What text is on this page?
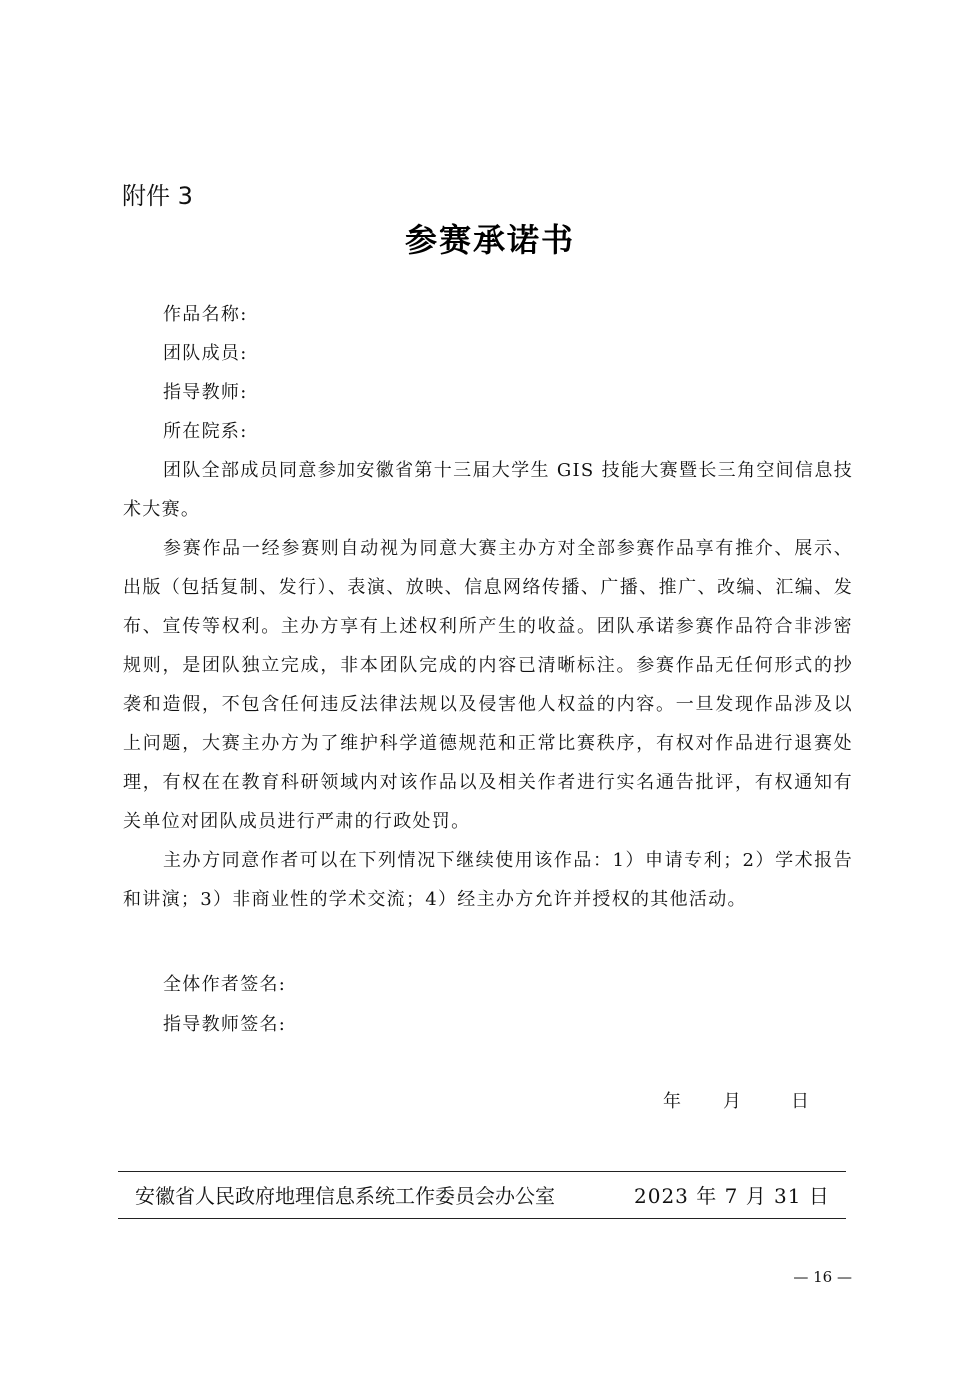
附件 3
参赛承诺书

作品名称:

团队成员:

指导教师:

所在院系:

团队全部成员同意参加安徽省第十三届大学生 GIS 技能大赛暨长三角空间信息技术大赛。

参赛作品一经参赛则自动视为同意大赛主办方对全部参赛作品享有推介、展示、出版（包括复制、发行）、表演、放映、信息网络传播、广播、推广、改编、汇编、发布、宣传等权利。主办方享有上述权利所产生的收益。团队承诺参赛作品符合非涉密规则，是团队独立完成，非本团队完成的内容已清晰标注。参赛作品无任何形式的抄袭和造假，不包含任何违反法律法规以及侵害他人权益的内容。一旦发现作品涉及以上问题，大赛主办方为了维护科学道德规范和正常比赛秩序，有权对作品进行退赛处理，有权在在教育科研领域内对该作品以及相关作者进行实名通告批评，有权通知有关单位对团队成员进行严肃的行政处罚。

主办方同意作者可以在下列情况下继续使用该作品：1）申请专利；2）学术报告和讲演；3）非商业性的学术交流；4）经主办方允许并授权的其他活动。

全体作者签名:

指导教师签名:

年 月	日
安徽省人民政府地理信息系统工作委员会办公室	2023 年 7 月 31 日
— 16 —
